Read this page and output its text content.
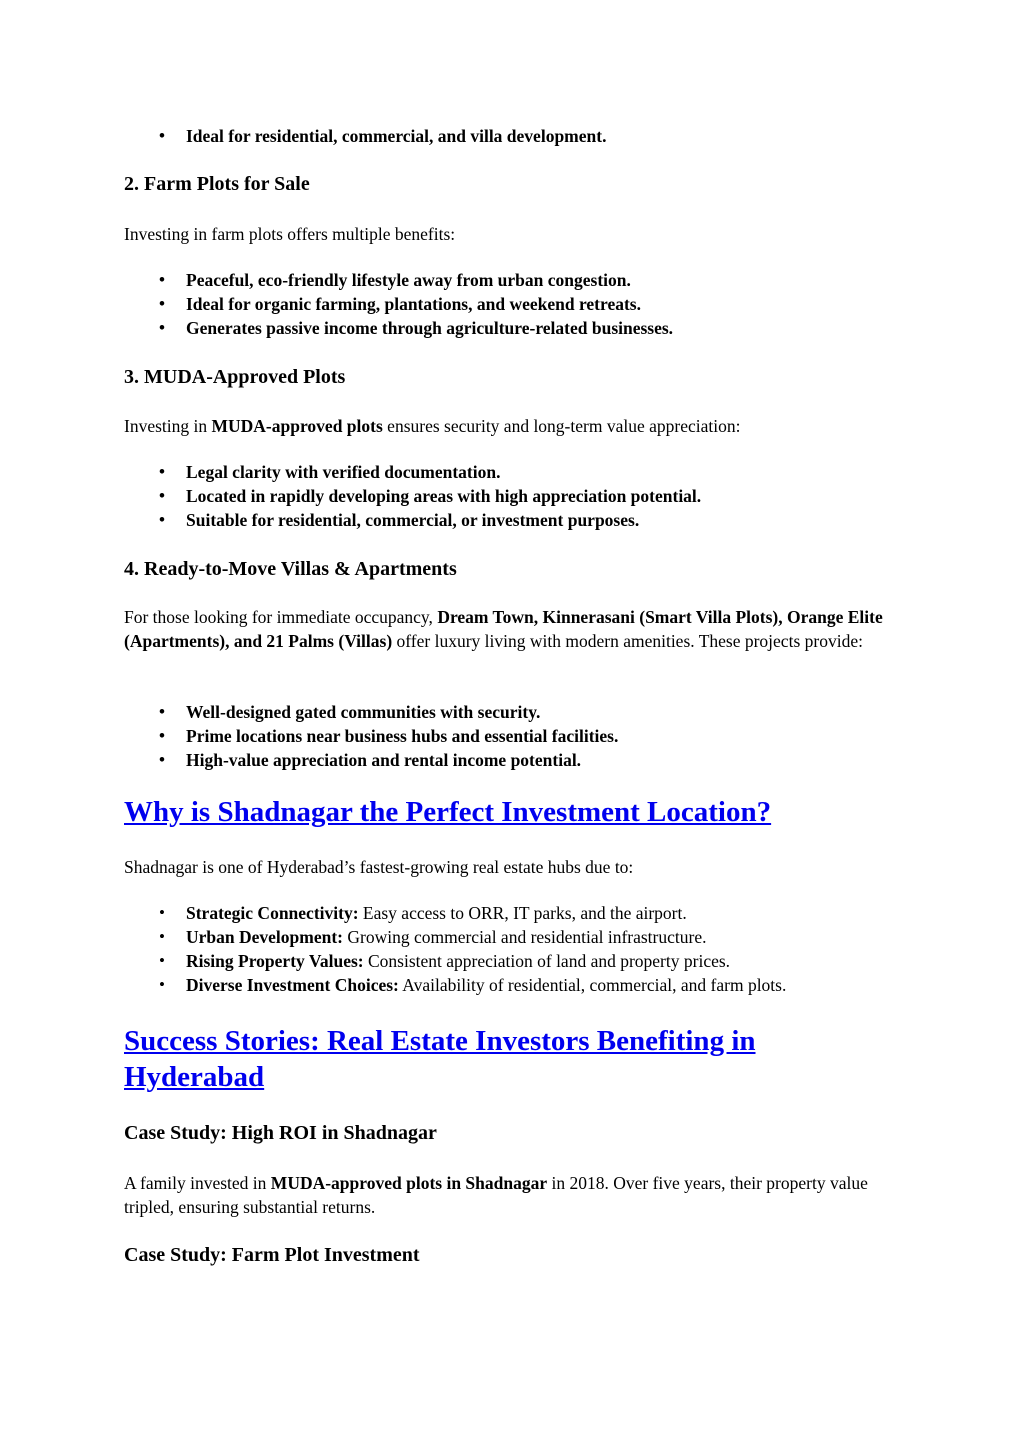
• Ideal for residential, commercial, and villa development.
2. Farm Plots for Sale

Investing in farm plots offers multiple benefits:

• Peaceful, eco-friendly lifestyle away from urban congestion.
• Ideal for organic farming, plantations, and weekend retreats.
• Generates passive income through agriculture-related businesses.
3. MUDA-Approved Plots

Investing in MUDA-approved plots ensures security and long-term value appreciation:

• Legal clarity with verified documentation.
• Located in rapidly developing areas with high appreciation potential.
• Suitable for residential, commercial, or investment purposes.
4. Ready-to-Move Villas & Apartments

For those looking for immediate occupancy, Dream Town, Kinnerasani (Smart Villa Plots), Orange Elite (Apartments), and 21 Palms (Villas) offer luxury living with modern amenities. These projects provide:

• Well-designed gated communities with security.
• Prime locations near business hubs and essential facilities.
• High-value appreciation and rental income potential.
Why is Shadnagar the Perfect Investment Location?

Shadnagar is one of Hyderabad’s fastest-growing real estate hubs due to:

• Strategic Connectivity: Easy access to ORR, IT parks, and the airport.
• Urban Development: Growing commercial and residential infrastructure.
• Rising Property Values: Consistent appreciation of land and property prices.
• Diverse Investment Choices: Availability of residential, commercial, and farm plots.
Success Stories: Real Estate Investors Benefiting in Hyderabad
Case Study: High ROI in Shadnagar

A family invested in MUDA-approved plots in Shadnagar in 2018. Over five years, their property value tripled, ensuring substantial returns.

Case Study: Farm Plot Investment
